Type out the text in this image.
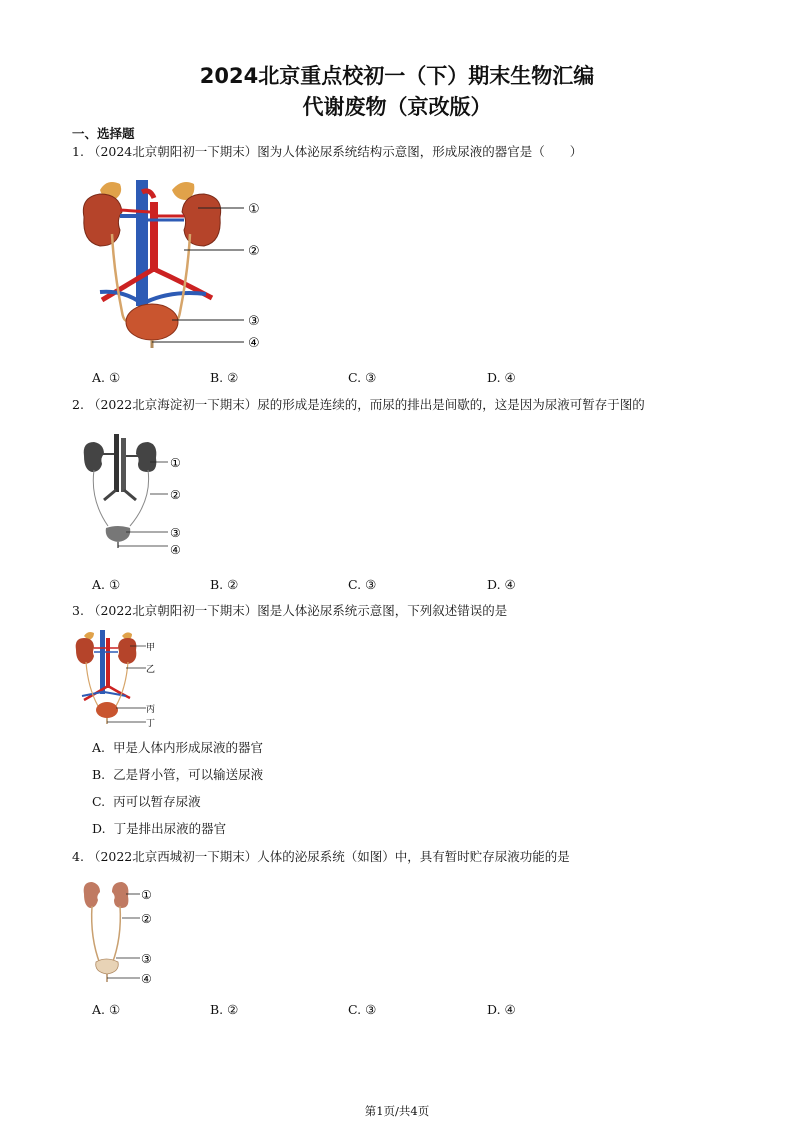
2024北京重点校初一（下）期末生物汇编
代谢废物（京改版）
一、选择题
1. （2024北京朝阳初一下期末）图为人体泌尿系统结构示意图，形成尿液的器官是（　　）
①
②
③
④
A. ①	B. ②	C. ③	D. ④
2. （2022北京海淀初一下期末）尿的形成是连续的，而尿的排出是间歇的，这是因为尿液可暂存于图的
①
②
③
④
A. ①	B. ②	C. ③	D. ④
3. （2022北京朝阳初一下期末）图是人体泌尿系统示意图，下列叙述错误的是
甲
乙
丙
丁
A. 甲是人体内形成尿液的器官
B. 乙是肾小管，可以输送尿液
C. 丙可以暂存尿液
D. 丁是排出尿液的器官
4. （2022北京西城初一下期末）人体的泌尿系统（如图）中，具有暂时贮存尿液功能的是
①
②
③
④
A. ①	B. ②	C. ③	D. ④
第1页/共4页
